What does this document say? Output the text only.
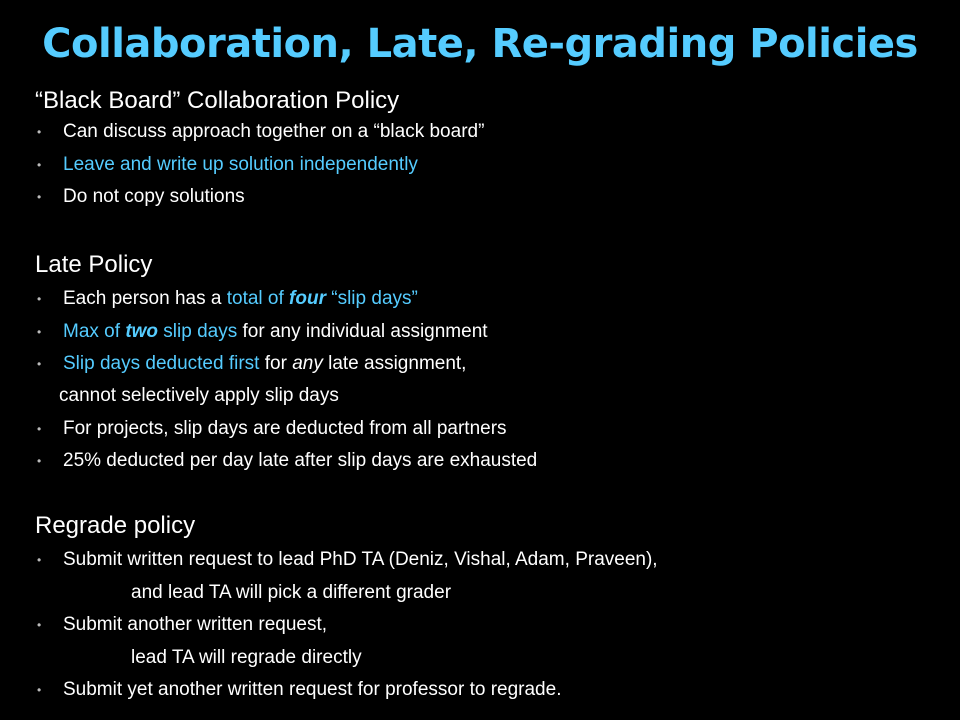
Collaboration, Late, Re-grading Policies
“Black Board” Collaboration Policy
• Can discuss approach together on a “black board”
• Leave and write up solution independently
• Do not copy solutions
Late Policy
• Each person has a total of four “slip days”
• Max of two slip days for any individual assignment
• Slip days deducted first for any late assignment,
cannot selectively apply slip days
• For projects, slip days are deducted from all partners
• 25% deducted per day late after slip days are exhausted
Regrade policy
• Submit written request to lead PhD TA (Deniz, Vishal, Adam, Praveen),
and lead TA will pick a different grader
• Submit another written request,
lead TA will regrade directly
• Submit yet another written request for professor to regrade.
